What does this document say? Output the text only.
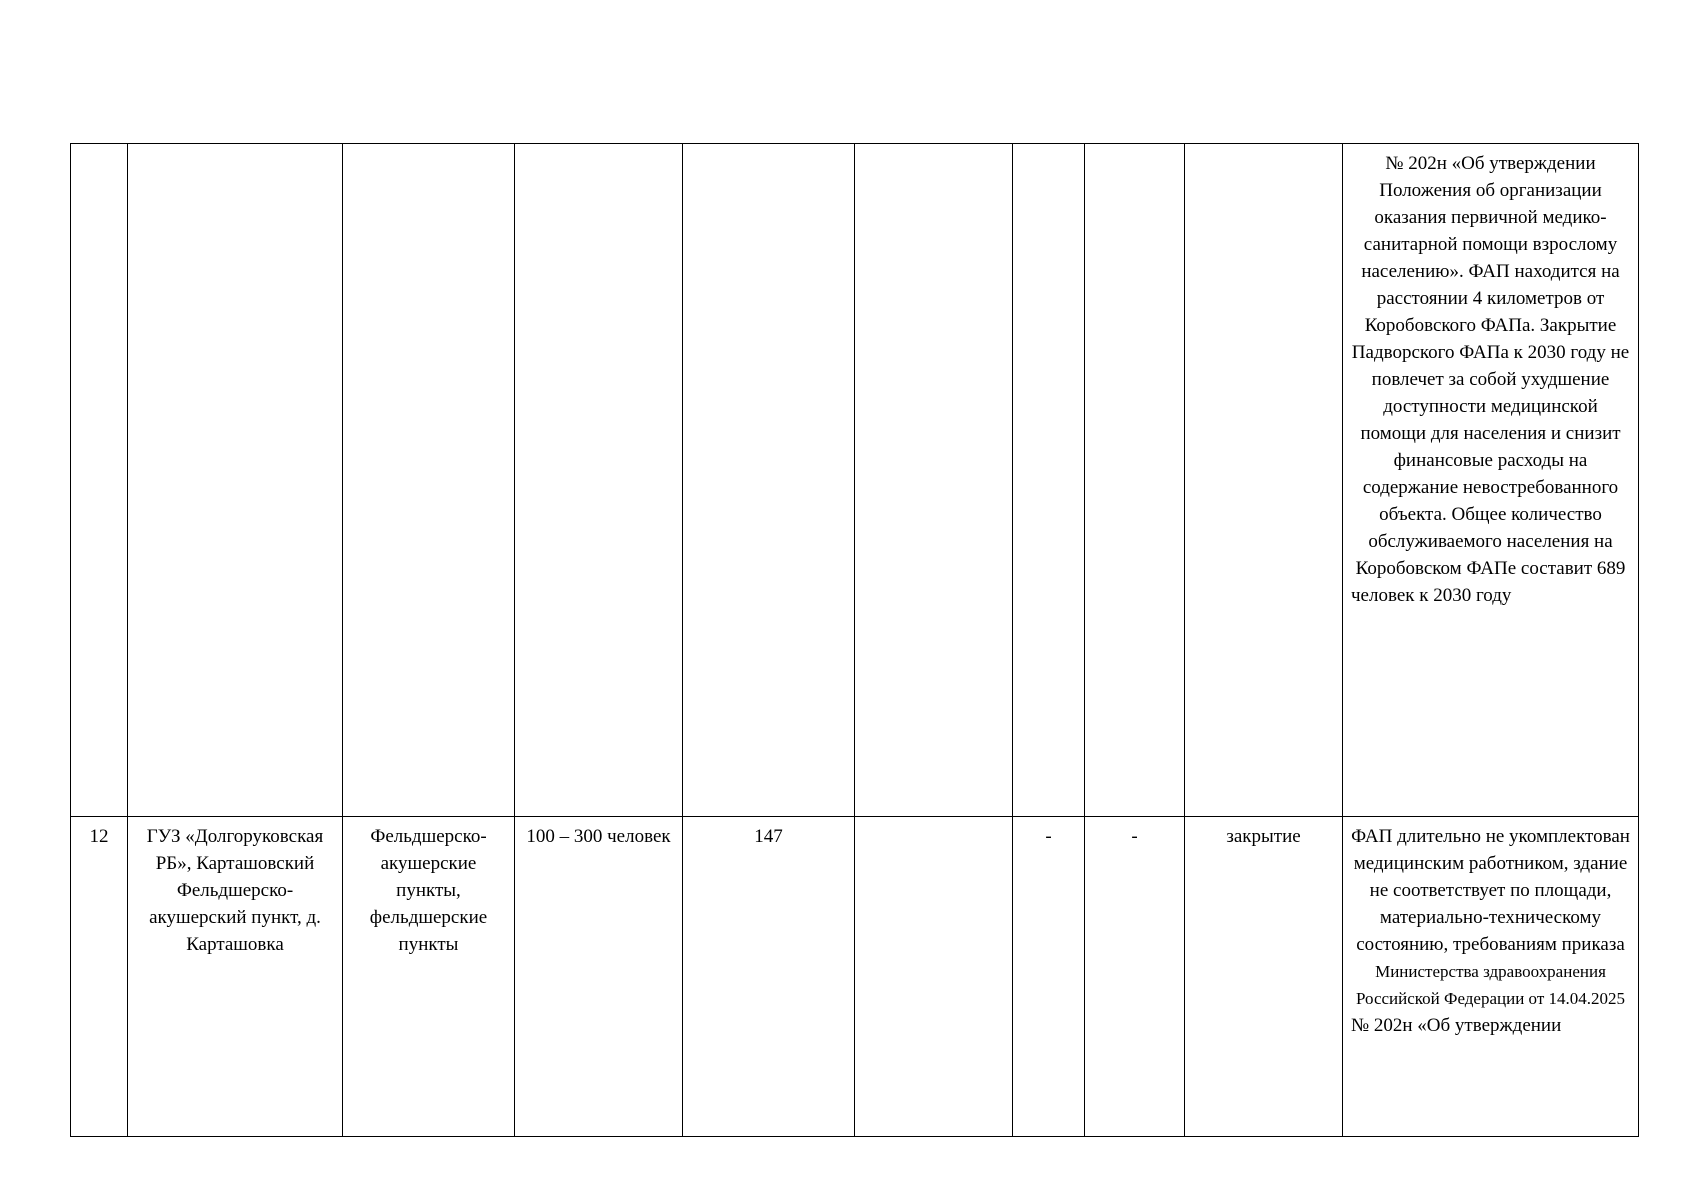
									№ 202н «Об утверждении Положения об организации оказания первичной медико-санитарной помощи взрослому населению». ФАП находится на расстоянии 4 километров от Коробовского ФАПа. Закрытие Падворского ФАПа к 2030 году не повлечет за собой ухудшение доступности медицинской помощи для населения и снизит финансовые расходы на содержание невостребованного объекта. Общее количество обслуживаемого населения на Коробовском ФАПе составит 689 человек к 2030 году
12	ГУЗ «Долгоруковская РБ», Карташовский Фельдшерско-акушерский пункт, д. Карташовка	Фельдшерско-акушерские пункты, фельдшерские пункты	100 – 300 человек	147		-	-	закрытие	ФАП длительно не укомплектован медицинским работником, здание не соответствует по площади, материально-техническому состоянию, требованиям приказа Министерства здравоохранения Российской Федерации от 14.04.2025 № 202н «Об утверждении
